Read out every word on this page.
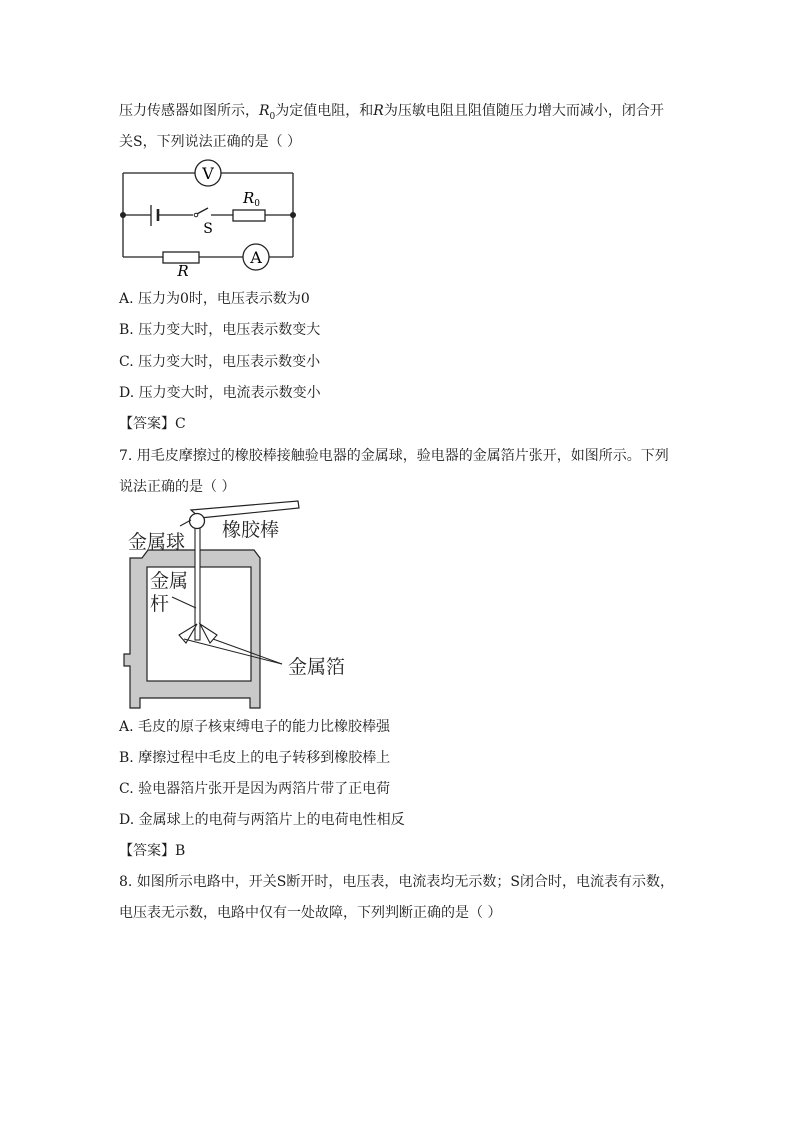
压力传感器如图所示，$R_0$为定值电阻，和R为压敏电阻且阻值随压力增大而减小，闭合开
关S，下列说法正确的是（ ）
V
A
S
$R_0$
R
A. 压力为0时，电压表示数为0
B. 压力变大时，电压表示数变大
C. 压力变大时，电压表示数变小
D. 压力变大时，电流表示数变小
【答案】C
7. 用毛皮摩擦过的橡胶棒接触验电器的金属球，验电器的金属箔片张开，如图所示。下列
说法正确的是（ ）
橡胶棒
金属球
金属
杆
金属箔
A. 毛皮的原子核束缚电子的能力比橡胶棒强
B. 摩擦过程中毛皮上的电子转移到橡胶棒上
C. 验电器箔片张开是因为两箔片带了正电荷
D. 金属球上的电荷与两箔片上的电荷电性相反
【答案】B
8. 如图所示电路中，开关S断开时，电压表，电流表均无示数；S闭合时，电流表有示数，
电压表无示数，电路中仅有一处故障，下列判断正确的是（ ）
